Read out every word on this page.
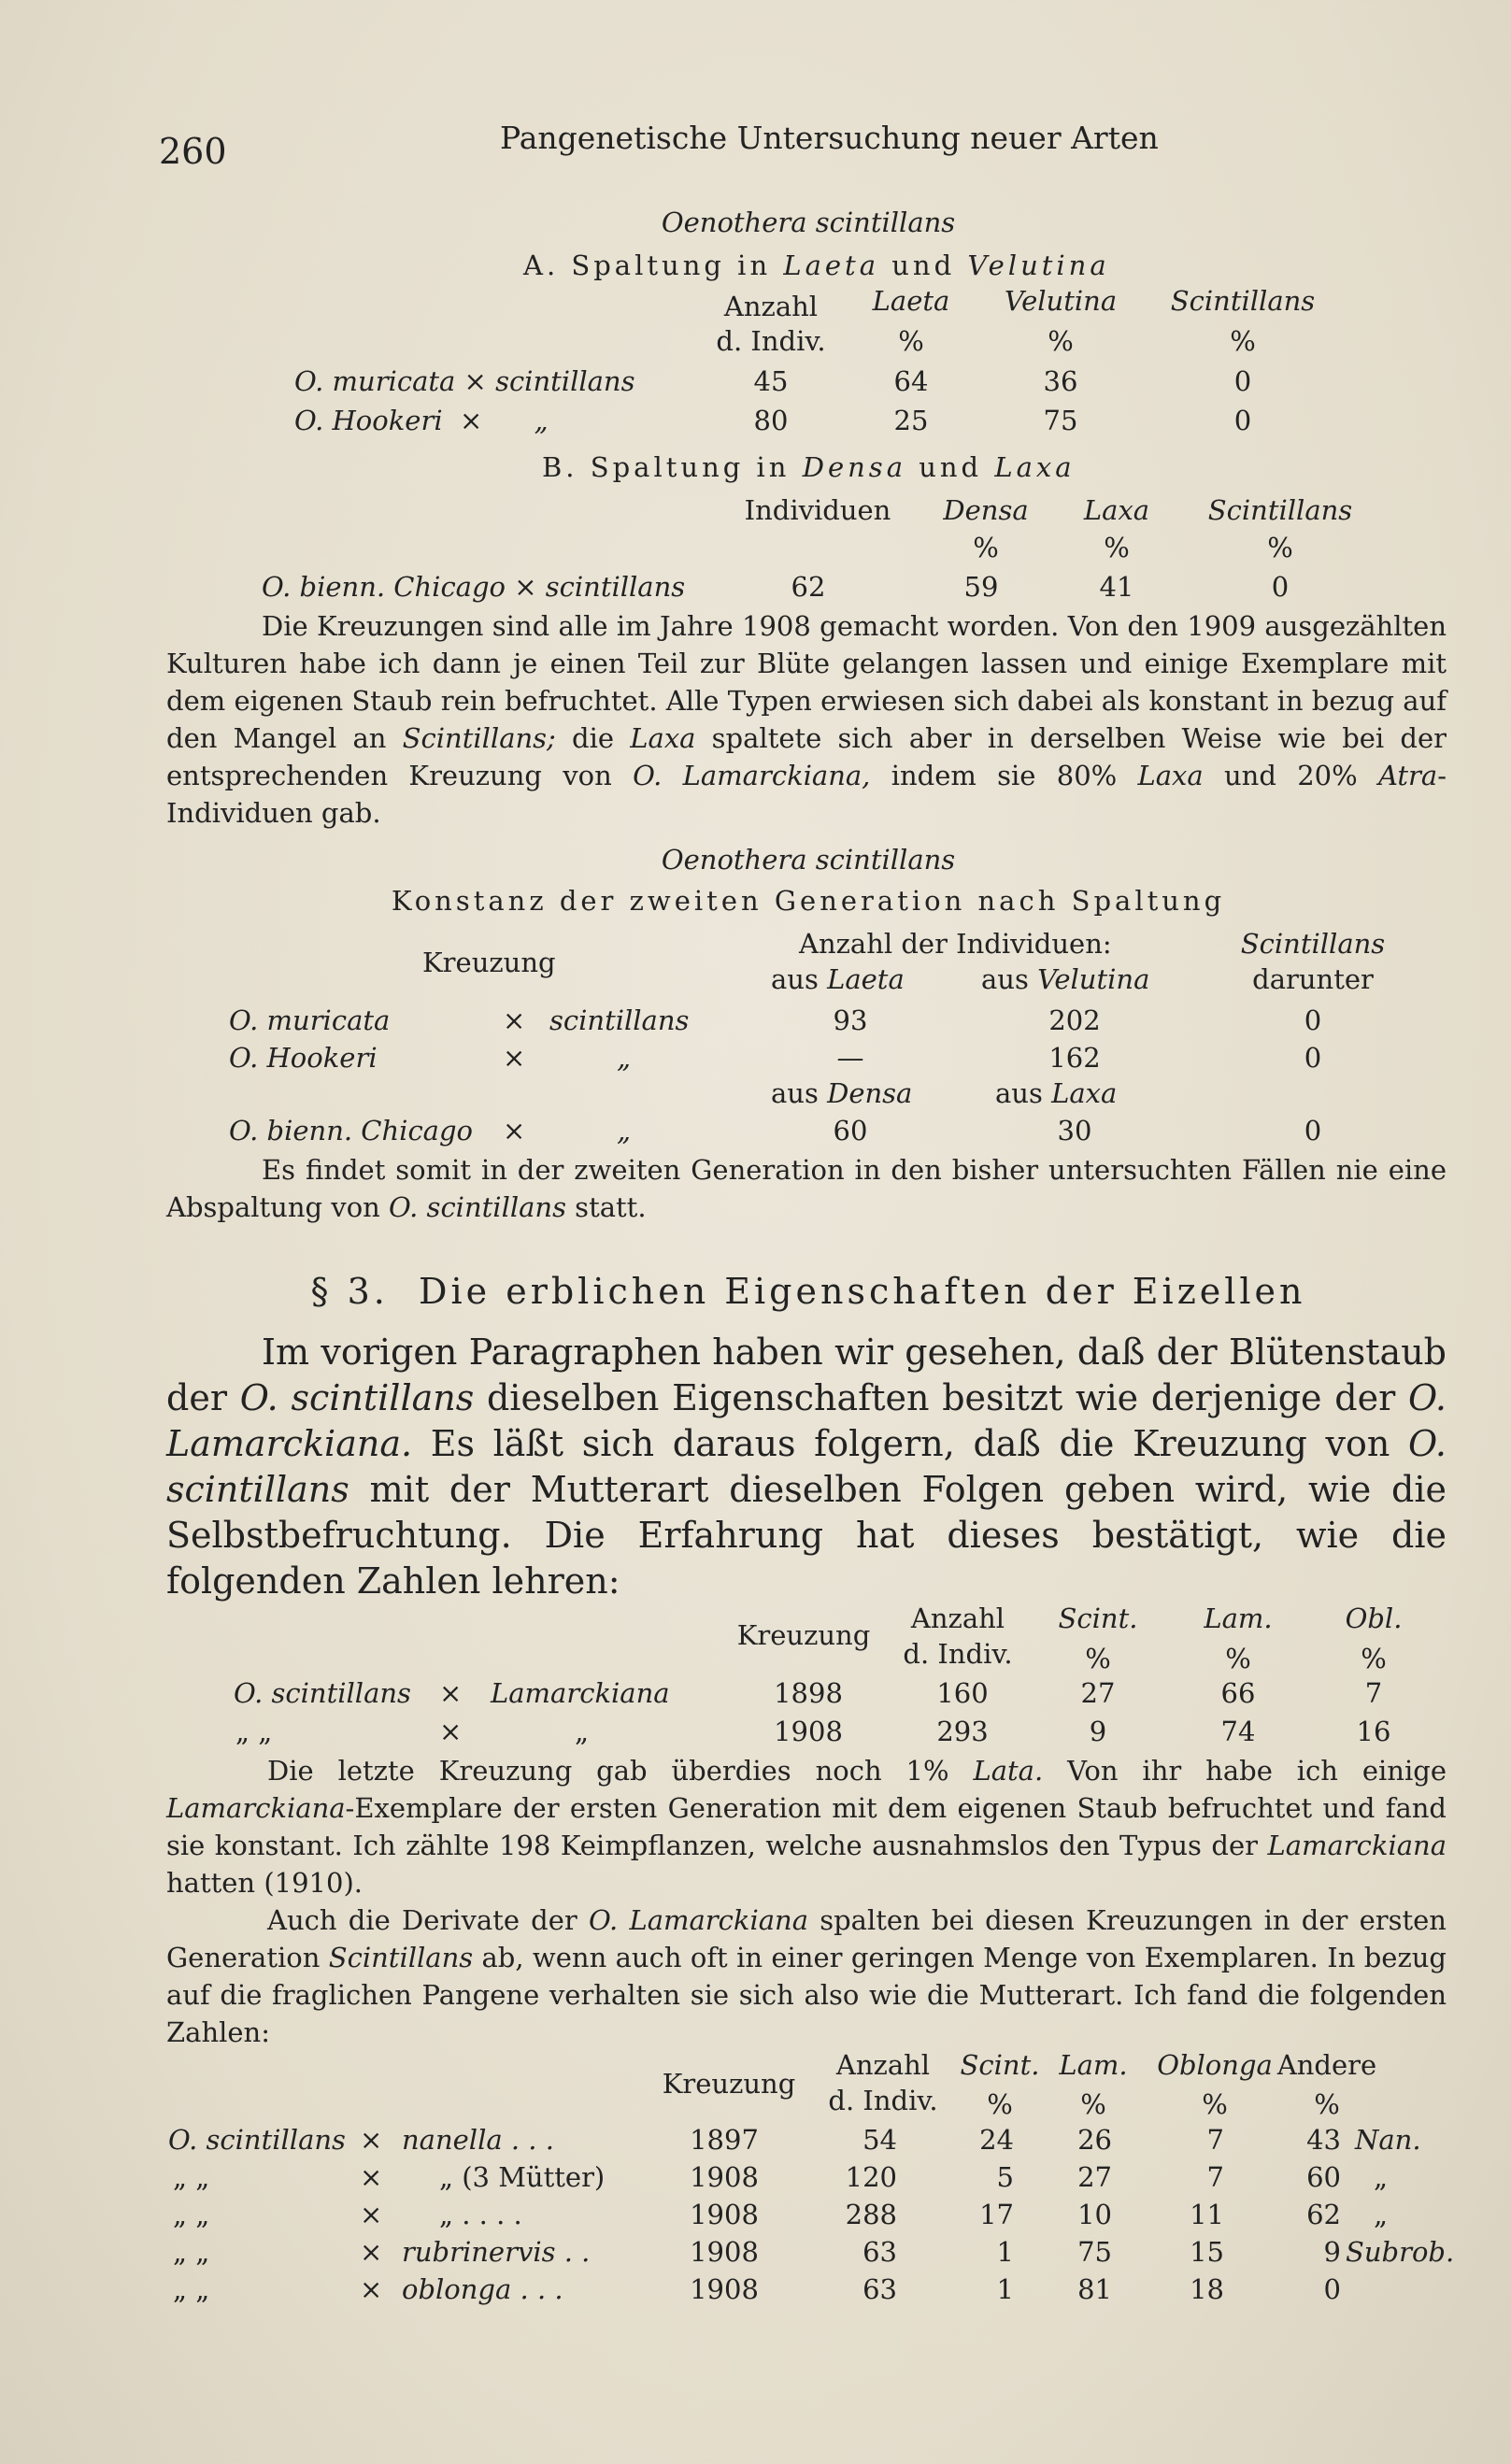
260	Pangenetische Untersuchung neuer Arten
Oenothera scintillans
A. Spaltung in Laeta und Velutina
Anzahl	Laeta	Velutina	Scintillans
d. Indiv.	%	%	%
O. muricata × scintillans	45	64	36	0
O. Hookeri × „	80	25	75	0
B. Spaltung in Densa und Laxa
Individuen	Densa	Laxa	Scintillans
%	%	%
O. bienn. Chicago × scintillans	62	59	41	0

Die Kreuzungen sind alle im Jahre 1908 gemacht worden. Von den 1909 ausgezählten Kulturen habe ich dann je einen Teil zur Blüte gelangen lassen und einige Exemplare mit dem eigenen Staub rein befruchtet. Alle Typen erwiesen sich dabei als konstant in bezug auf den Mangel an Scintillans; die Laxa spaltete sich aber in derselben Weise wie bei der entsprechenden Kreuzung von O. Lamarckiana, indem sie 80% Laxa und 20% Atra-Individuen gab.

Oenothera scintillans
Konstanz der zweiten Generation nach Spaltung
Kreuzung
Anzahl der Individuen:	Scintillans
aus Laeta	aus Velutina	darunter
O. muricata	× scintillans	93	202	0
O. Hookeri	×	„	—	162	0
aus Densa	aus Laxa
O. bienn. Chicago ×	„	60	30	0

Es findet somit in der zweiten Generation in den bisher untersuchten Fällen nie eine Abspaltung von O. scintillans statt.

§ 3. Die erblichen Eigenschaften der Eizellen

Im vorigen Paragraphen haben wir gesehen, daß der Blütenstaub der O. scintillans dieselben Eigenschaften besitzt wie derjenige der O. Lamarckiana. Es läßt sich daraus folgern, daß die Kreuzung von O. scintillans mit der Mutterart dieselben Folgen geben wird, wie die Selbstbefruchtung. Die Erfahrung hat dieses bestätigt, wie die folgenden Zahlen lehren:

Kreuzung
Anzahl
d. Indiv.
Scint.	Lam.	Obl.
%	%	%
O. scintillans × Lamarckiana	1898	160	27	66	7
„ „	×	„	1908	293	9	74	16

Die letzte Kreuzung gab überdies noch 1% Lata. Von ihr habe ich einige Lamarckiana-Exemplare der ersten Generation mit dem eigenen Staub befruchtet und fand sie konstant. Ich zählte 198 Keimpflanzen, welche ausnahmslos den Typus der Lamarckiana hatten (1910).

Auch die Derivate der O. Lamarckiana spalten bei diesen Kreuzungen in der ersten Generation Scintillans ab, wenn auch oft in einer geringen Menge von Exemplaren. In bezug auf die fraglichen Pangene verhalten sie sich also wie die Mutterart. Ich fand die folgenden Zahlen:

Kreuzung
Anzahl
d. Indiv.
Scint. Lam.	Oblonga Andere
%	%	%	%
O. scintillans × nanella . . .	1897	54	24	26	7	43 Nan.
„ „	× „ (3 Mütter)	1908	120	5	27	7	60 „
„ „	× „ . . . .	1908	288	17	10	11	62 „
„ „	× rubrinervis . .	1908	63	1	75	15	9 Subrob.
„ „	× oblonga . . .	1908	63	1	81	18	0
